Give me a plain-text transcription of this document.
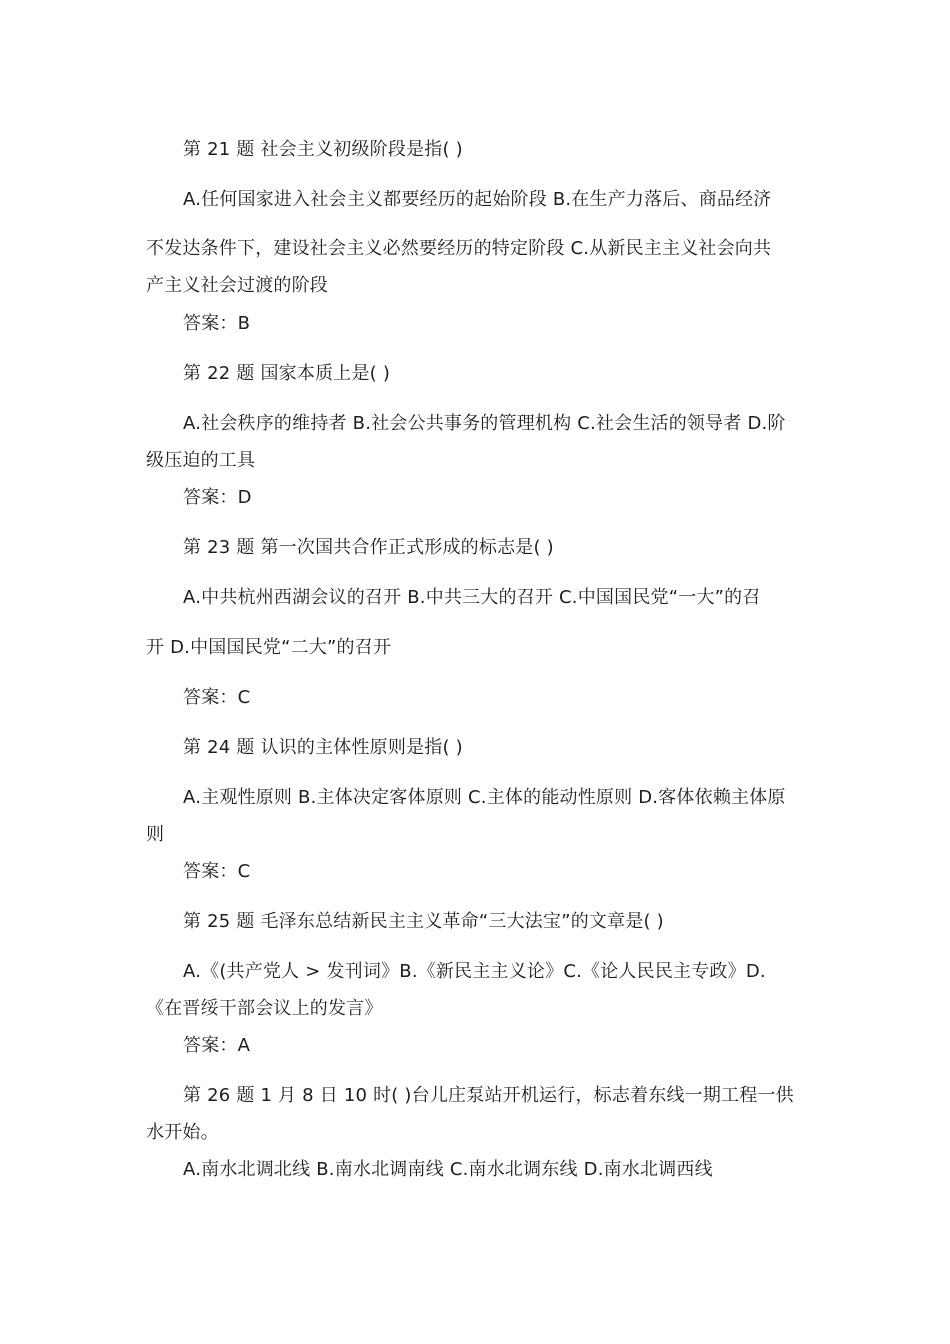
第 21 题 社会主义初级阶段是指( )
A.任何国家进入社会主义都要经历的起始阶段 B.在生产力落后、商品经济
不发达条件下，建设社会主义必然要经历的特定阶段 C.从新民主主义社会向共
产主义社会过渡的阶段
答案：B
第 22 题 国家本质上是( )
A.社会秩序的维持者 B.社会公共事务的管理机构 C.社会生活的领导者 D.阶
级压迫的工具
答案：D
第 23 题 第一次国共合作正式形成的标志是( )
A.中共杭州西湖会议的召开 B.中共三大的召开 C.中国国民党“一大”的召
开 D.中国国民党“二大”的召开
答案：C
第 24 题 认识的主体性原则是指( )
A.主观性原则 B.主体决定客体原则 C.主体的能动性原则 D.客体依赖主体原
则
答案：C
第 25 题 毛泽东总结新民主主义革命“三大法宝”的文章是( )
A.《(共产党人 > 发刊词》B.《新民主主义论》C.《论人民民主专政》D.
《在晋绥干部会议上的发言》
答案：A
第 26 题 1 月 8 日 10 时( )台儿庄泵站开机运行，标志着东线一期工程一供
水开始。
A.南水北调北线 B.南水北调南线 C.南水北调东线 D.南水北调西线
